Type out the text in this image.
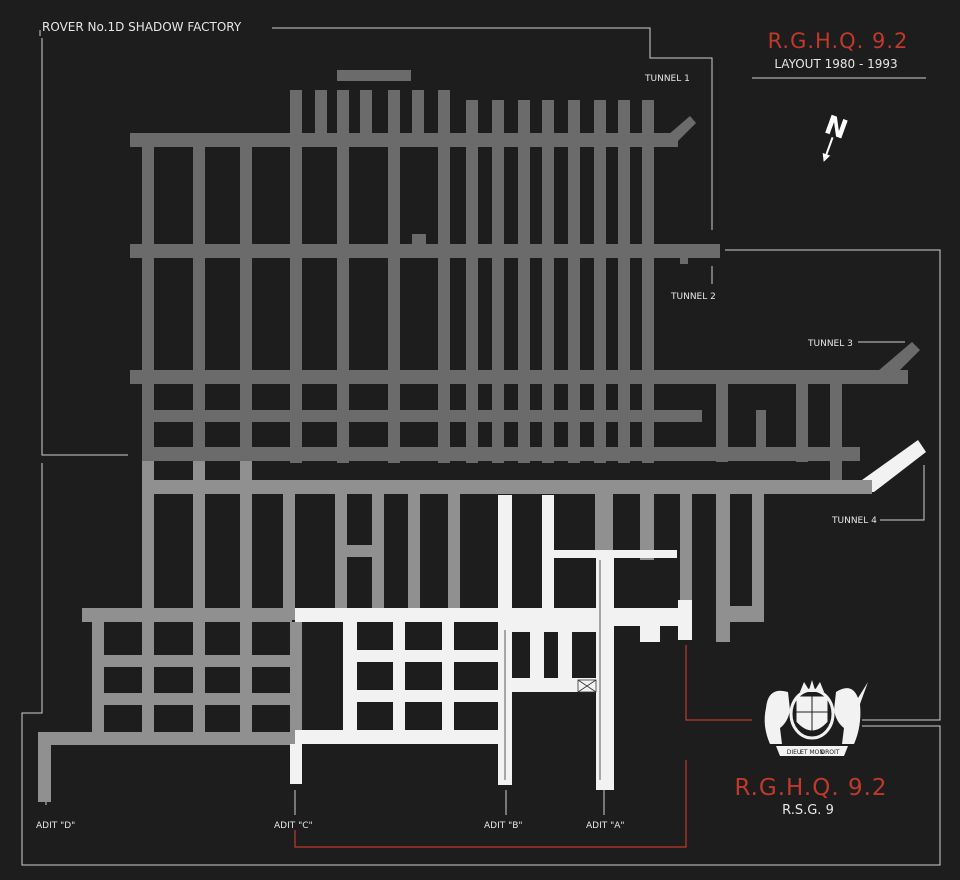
ROVER No.1D SHADOW FACTORY
TUNNEL 1
TUNNEL 2
TUNNEL 3
TUNNEL 4
ADIT "D"	ADIT "C"	ADIT "B"	ADIT "A"
R.G.H.Q. 9.2
LAYOUT 1980 - 1993
N
DIEU
ET MON
DROIT
R.G.H.Q. 9.2
R.S.G. 9
